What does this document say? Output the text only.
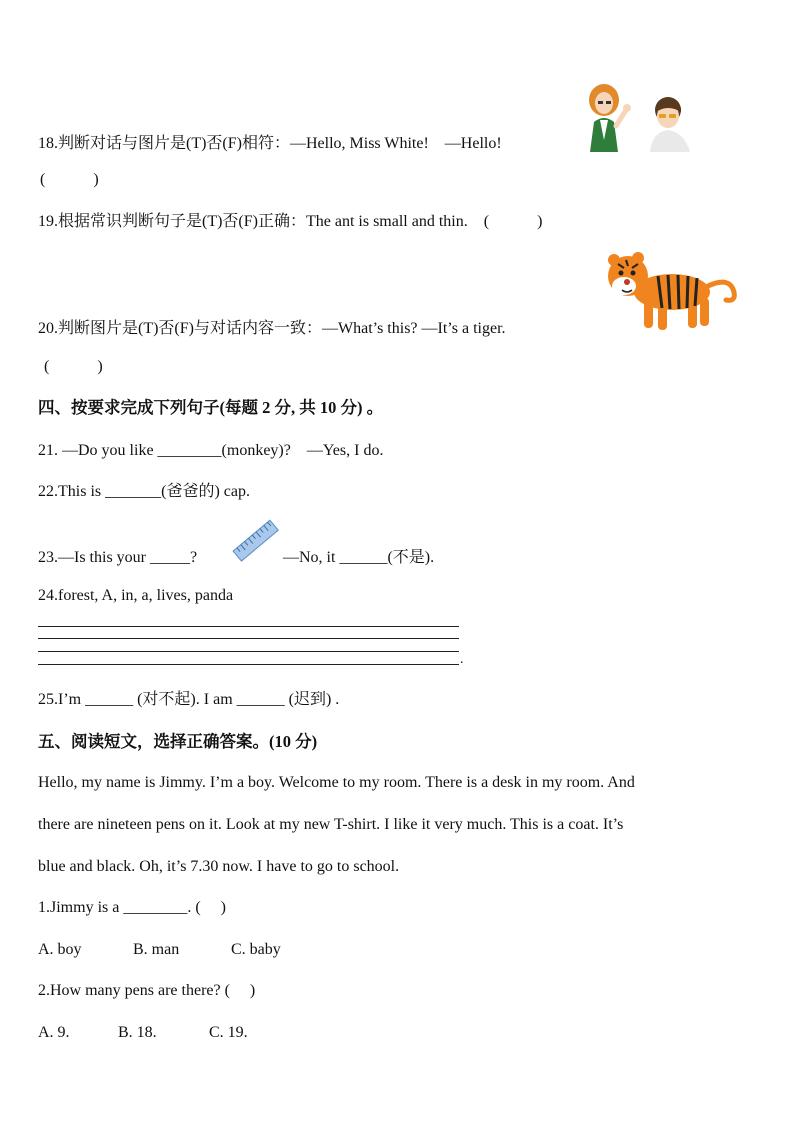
18.判断对话与图片是(T)否(F)相符：—Hello, Miss White!　—Hello!
(　　　)
19.根据常识判断句子是(T)否(F)正确：The ant is small and thin.　(　　　)
20.判断图片是(T)否(F)与对话内容一致：—What’s this? —It’s a tiger.
(　　　)
四、按要求完成下列句子(每题 2 分, 共 10 分) 。
21. —Do you like ________(monkey)?　—Yes, I do.
22.This is _______(爸爸的) cap.
23.—Is this your _____?	—No, it ______(不是).
24.forest, A, in, a, lives, panda
.
25.I’m ______ (对不起). I am ______ (迟到) .
五、阅读短文，选择正确答案。(10 分)
Hello, my name is Jimmy. I’m a boy. Welcome to my room. There is a desk in my room. And
there are nineteen pens on it. Look at my new T-shirt. I like it very much. This is a coat. It’s
blue and black. Oh, it’s 7.30 now. I have to go to school.
1.Jimmy is a ________. (　 )
A. boy	B. man	C. baby
2.How many pens are there? (　 )
A. 9.	B. 18.	C. 19.
